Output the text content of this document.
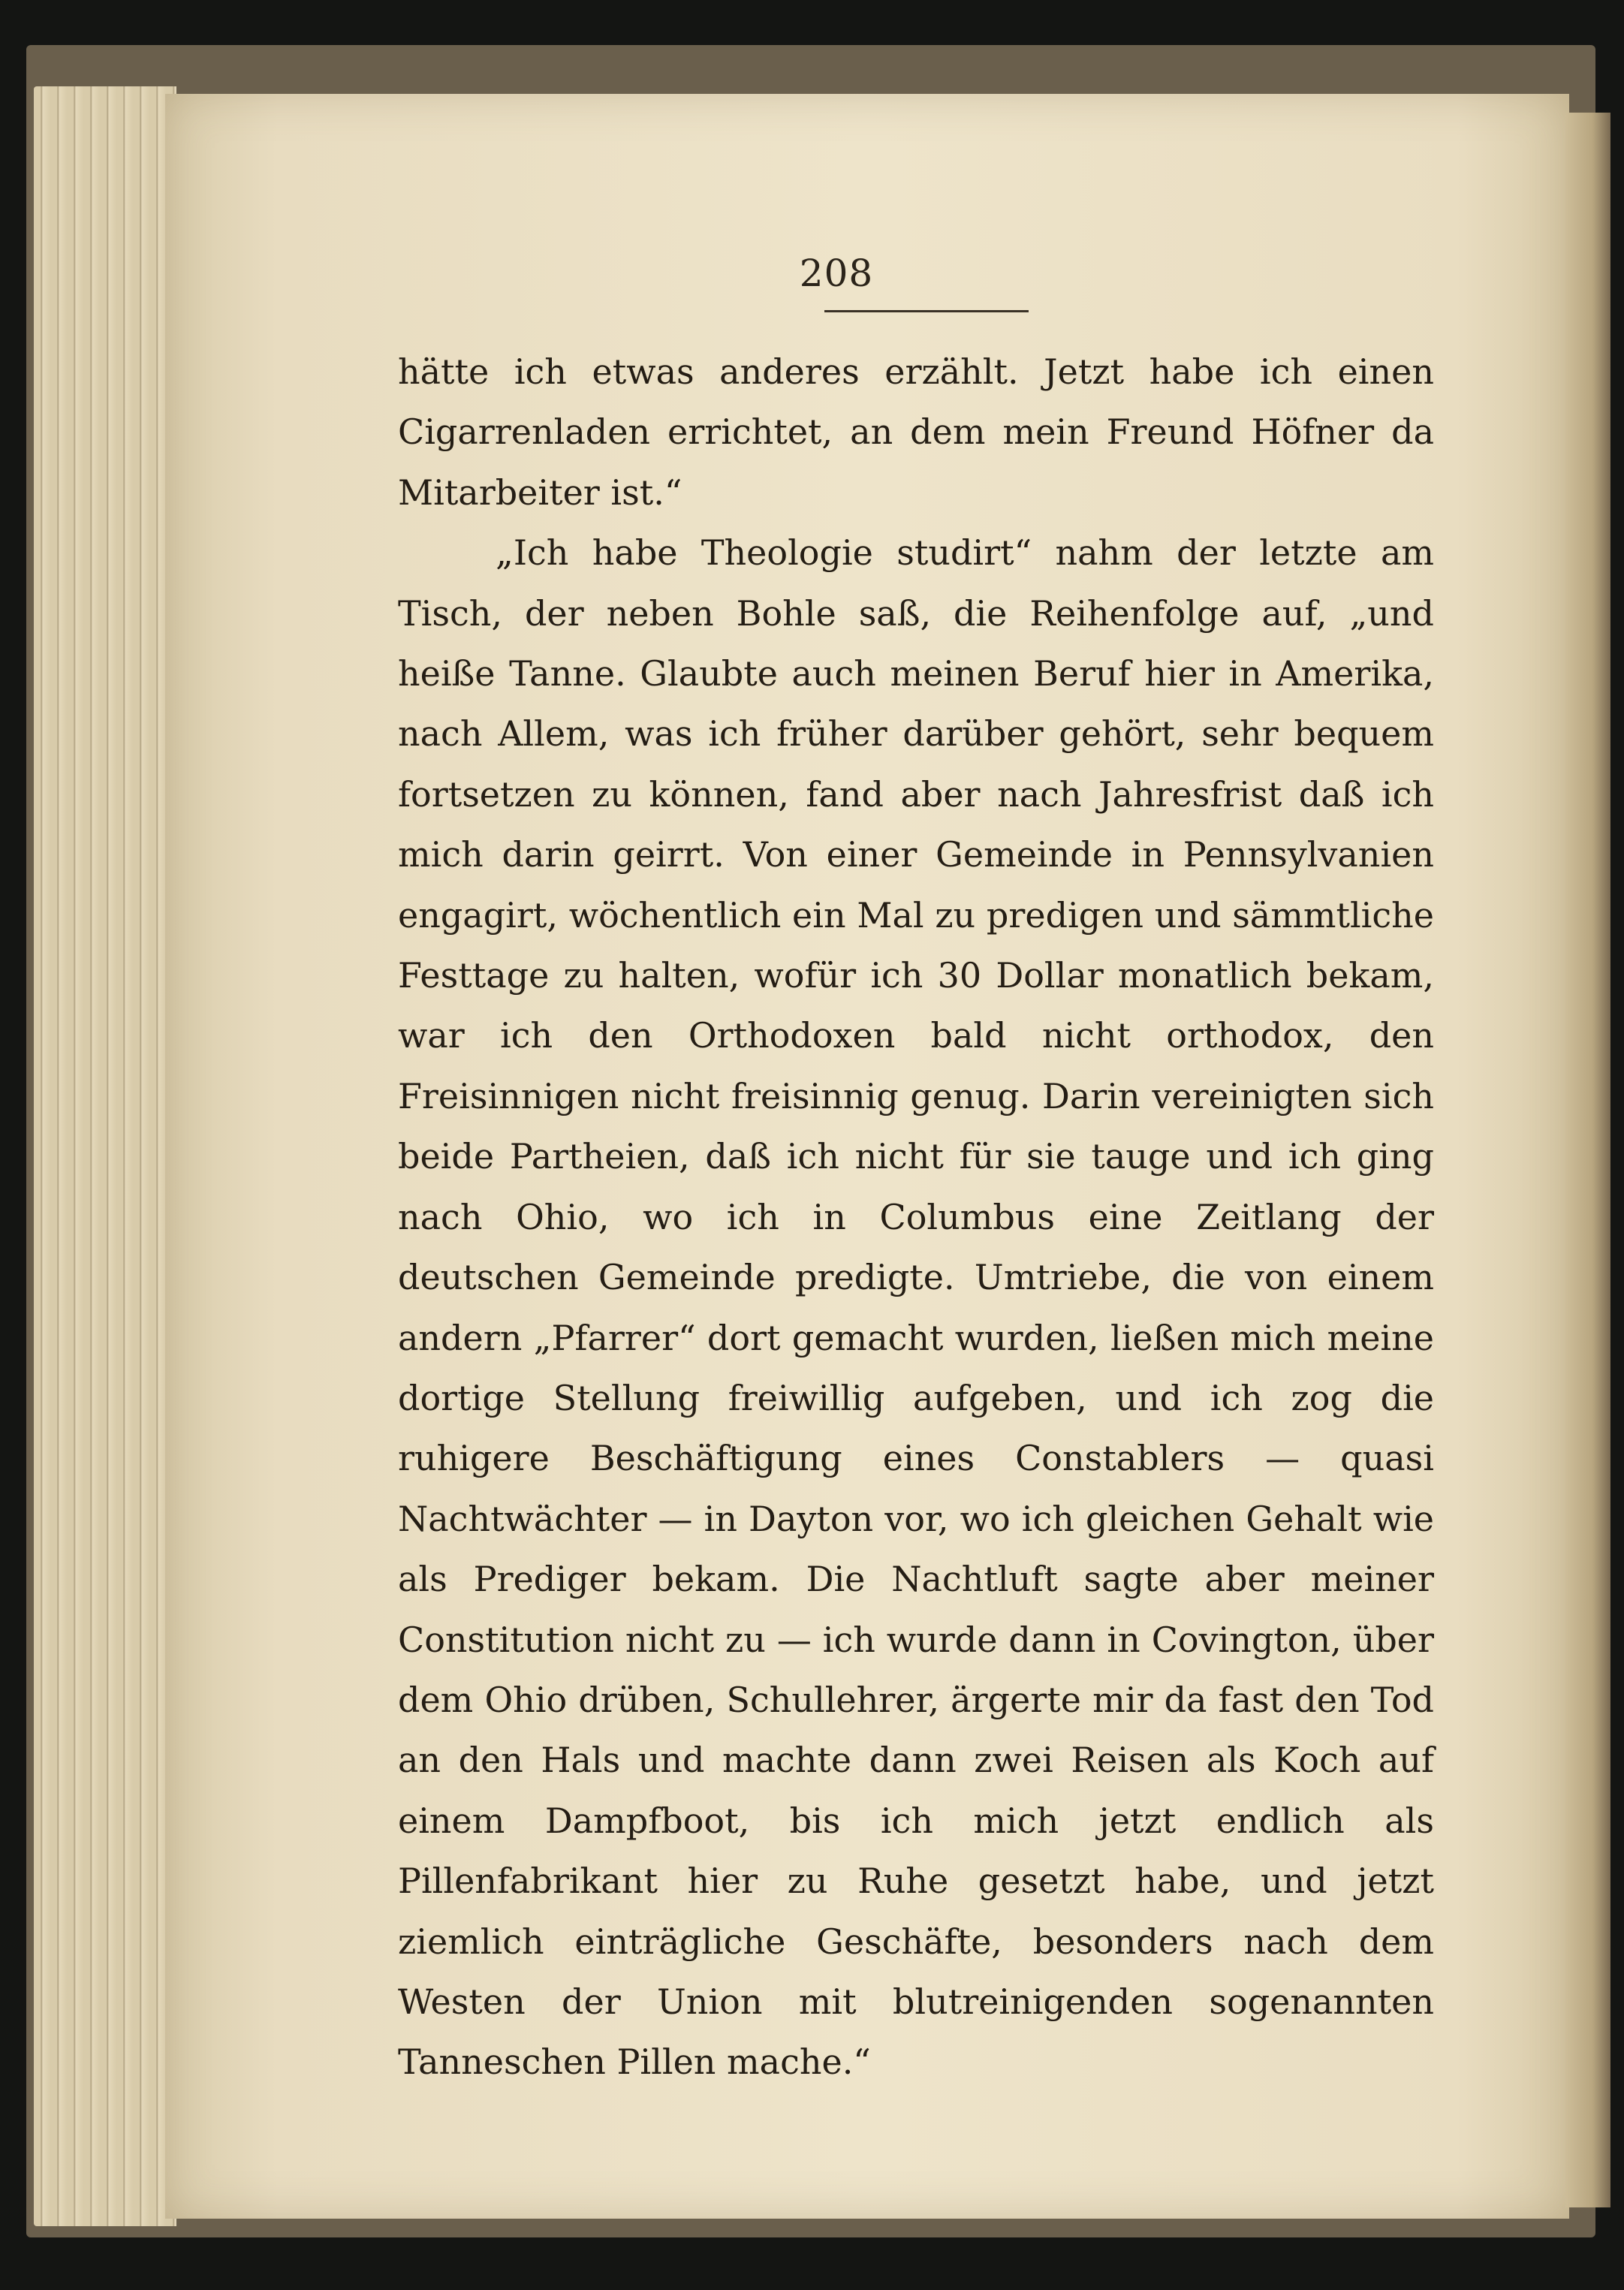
208

hätte ich etwas anderes erzählt. Jetzt habe ich einen Cigarrenladen errichtet, an dem mein Freund Höfner da Mitarbeiter ist.“

„Ich habe Theologie studirt“ nahm der letzte am Tisch, der neben Bohle saß, die Reihenfolge auf, „und heiße Tanne. Glaubte auch meinen Beruf hier in Amerika, nach Allem, was ich früher darüber gehört, sehr bequem fortsetzen zu können, fand aber nach Jahresfrist daß ich mich darin geirrt. Von einer Gemeinde in Pennsylvanien engagirt, wöchentlich ein Mal zu predigen und sämmtliche Festtage zu halten, wofür ich 30 Dollar monatlich bekam, war ich den Orthodoxen bald nicht orthodox, den Freisinnigen nicht freisinnig genug. Darin vereinigten sich beide Partheien, daß ich nicht für sie tauge und ich ging nach Ohio, wo ich in Columbus eine Zeitlang der deutschen Gemeinde predigte. Umtriebe, die von einem andern „Pfarrer“ dort gemacht wurden, ließen mich meine dortige Stellung freiwillig aufgeben, und ich zog die ruhigere Beschäftigung eines Constablers — quasi Nachtwächter — in Dayton vor, wo ich gleichen Gehalt wie als Prediger bekam. Die Nachtluft sagte aber meiner Constitution nicht zu — ich wurde dann in Covington, über dem Ohio drüben, Schullehrer, ärgerte mir da fast den Tod an den Hals und machte dann zwei Reisen als Koch auf einem Dampfboot, bis ich mich jetzt endlich als Pillenfabrikant hier zu Ruhe gesetzt habe, und jetzt ziemlich einträgliche Geschäfte, besonders nach dem Westen der Union mit blutreinigenden sogenannten Tanneschen Pillen mache.“
